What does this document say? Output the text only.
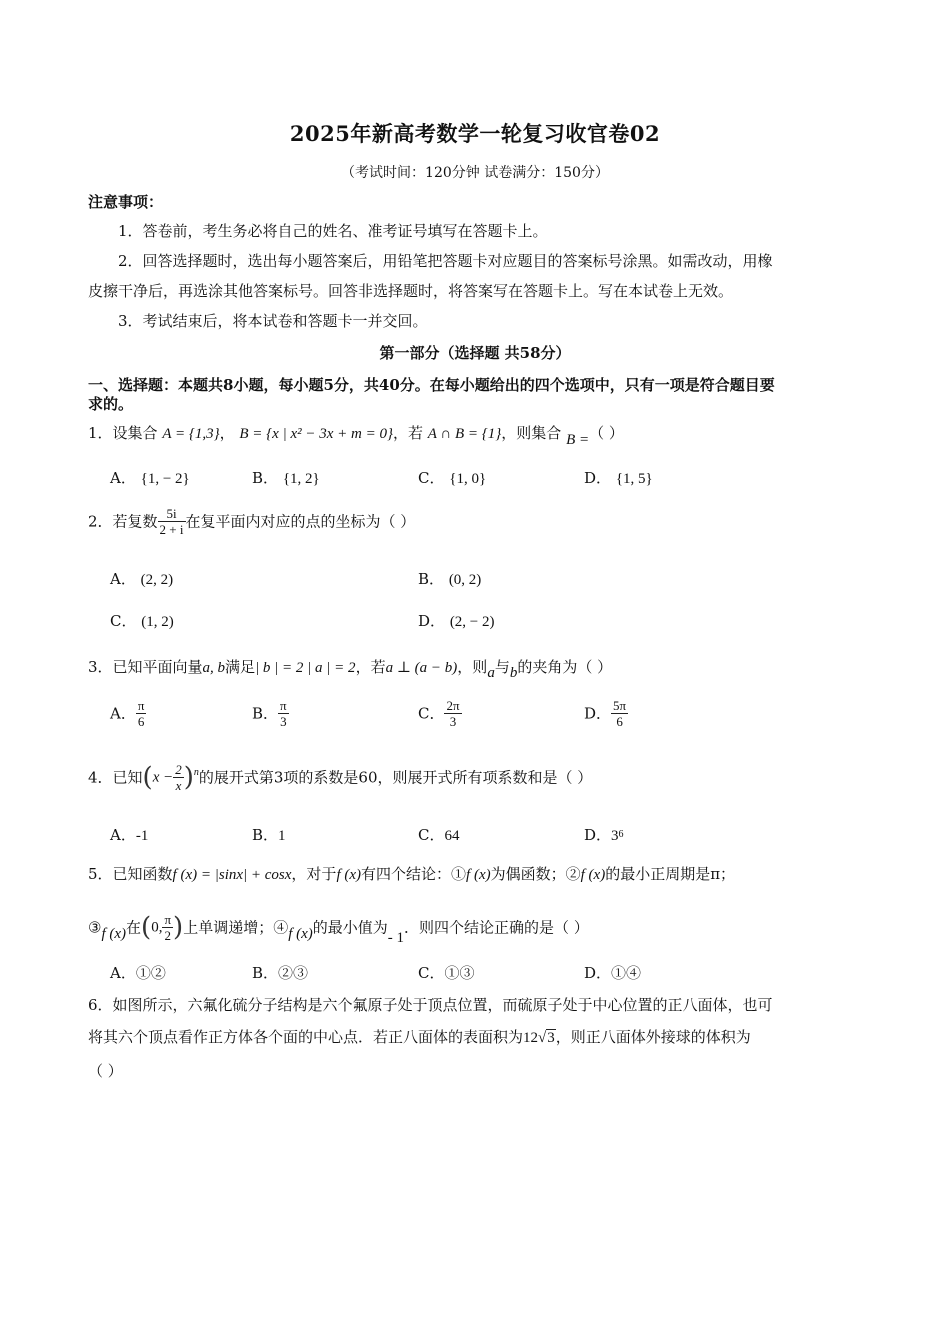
2025年新高考数学一轮复习收官卷02
（考试时间：120分钟 试卷满分：150分）
注意事项：
1．答卷前，考生务必将自己的姓名、准考证号填写在答题卡上。
2．回答选择题时，选出每小题答案后，用铅笔把答题卡对应题目的答案标号涂黑。如需改动，用橡
皮擦干净后，再选涂其他答案标号。回答非选择题时，将答案写在答题卡上。写在本试卷上无效。
3．考试结束后，将本试卷和答题卡一并交回。
第一部分（选择题 共58分）
一、选择题：本题共8小题，每小题5分，共40分。在每小题给出的四个选项中，只有一项是符合题目要
求的。
1．设集合 A = {1,3}， B = {x | x² − 3x + m = 0}，若 A ∩ B = {1}，则集合 B =（ ）
A． {1, − 2}	B． {1, 2}	C． {1, 0}	D． {1, 5}
2．若复数 $\frac{5i}{2 + i}$ 在复平面内对应的点的坐标为（ ）
A． (2, 2)	B． (0, 2)
C． (1, 2)	D． (2, − 2)
3．已知平面向量a, b满足| b | = 2 | a | = 2，若a ⊥ (a − b)，则a与b的夹角为（ ）
A． $\frac{\pi}{6}$	B． $\frac{\pi}{3}$	C． $\frac{2\pi}{3}$	D． $\frac{5\pi}{6}$
4．已知$(x - \frac{2}{x} )^n$的展开式第3项的系数是60，则展开式所有项系数和是（ ）
A．-1	B．1	C．64	D．$3^6$
5．已知函数f (x) = |sinx| + cosx，对于f (x)有四个结论：①f (x)为偶函数；②f (x)的最小正周期是π；
③f (x)在(0, $\frac{\pi}{2}$ )上单调递增；④f (x)的最小值为- 1．则四个结论正确的是（ ）
A．①②	B．②③	C．①③	D．①④
6．如图所示，六氟化硫分子结构是六个氟原子处于顶点位置，而硫原子处于中心位置的正八面体，也可
将其六个顶点看作正方体各个面的中心点．若正八面体的表面积为12√3，则正八面体外接球的体积为
（ ）
